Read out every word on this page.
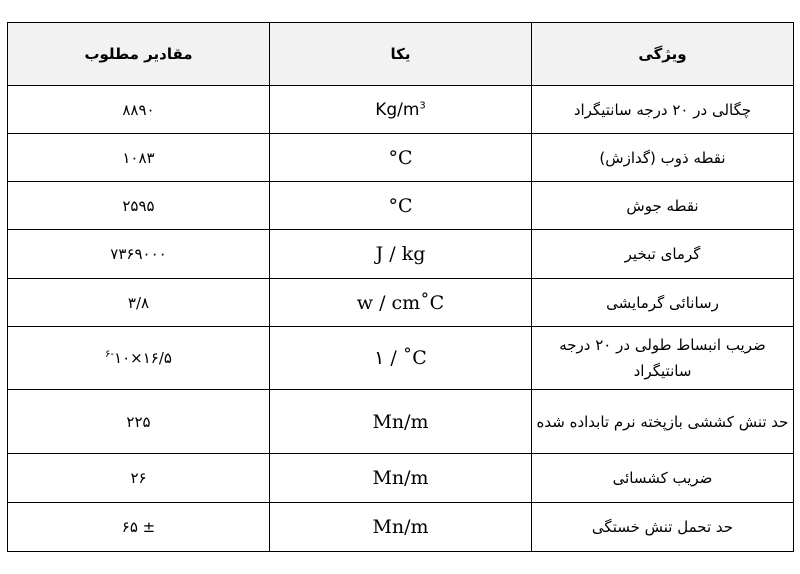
مقادیر مطلوب	یکا	ویژگی
۸۸۹۰	$Kg/m^3$	چگالی در ۲۰ درجه سانتیگراد
۱۰۸۳	°C	نقطه ذوب (گدازش)
۲۵۹۵	°C	نقطه جوش
۷۳۶۹۰۰۰	J / kg	گرمای تبخیر
۳/۸	w / cm˚C	رسانائی گرمایشی
$۱۶/۵\times ۱۰^{-۶}$	۱ / ˚C	ضریب انبساط طولی در ۲۰ درجه سانتیگراد
۲۲۵	Mn/m	حد تنش کششی بازپخته نرم تابداده شده
۲۶	Mn/m	ضریب کشسائی
± ۶۵	Mn/m	حد تحمل تنش خستگی
